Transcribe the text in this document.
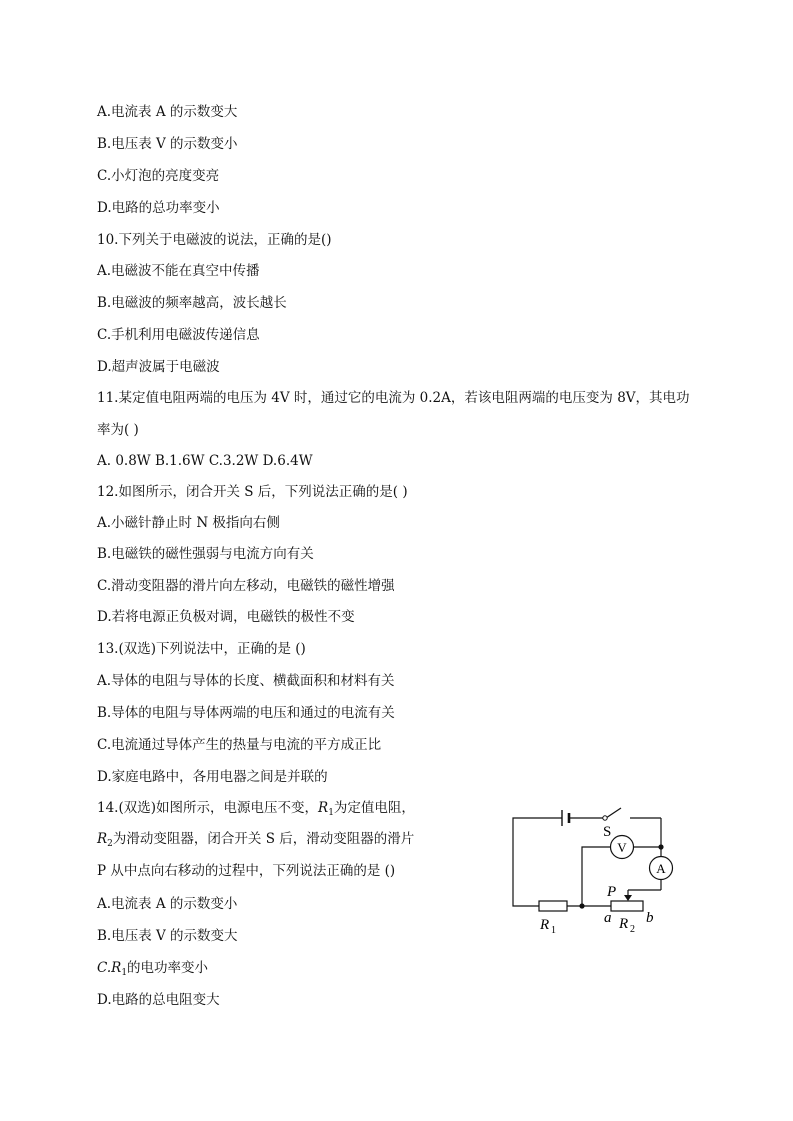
A.电流表 A 的示数变大
B.电压表 V 的示数变小
C.小灯泡的亮度变亮
D.电路的总功率变小
10.下列关于电磁波的说法，正确的是()
A.电磁波不能在真空中传播
B.电磁波的频率越高，波长越长
C.手机利用电磁波传递信息
D.超声波属于电磁波
11.某定值电阻两端的电压为 4V 时，通过它的电流为 0.2A，若该电阻两端的电压变为 8V，其电功
率为( )
A. 0.8W B.1.6W C.3.2W D.6.4W
12.如图所示，闭合开关 S 后，下列说法正确的是( )
A.小磁针静止时 N 极指向右侧
B.电磁铁的磁性强弱与电流方向有关
C.滑动变阻器的滑片向左移动，电磁铁的磁性增强
D.若将电源正负极对调，电磁铁的极性不变
13.(双选)下列说法中，正确的是 ()
A.导体的电阻与导体的长度、横截面积和材料有关
B.导体的电阻与导体两端的电压和通过的电流有关
C.电流通过导体产生的热量与电流的平方成正比
D.家庭电路中，各用电器之间是并联的
14.(双选)如图所示，电源电压不变，$R_1$为定值电阻，
$R_2$为滑动变阻器，闭合开关 S 后，滑动变阻器的滑片
P 从中点向右移动的过程中，下列说法正确的是 ()
A.电流表 A 的示数变小
B.电压表 V 的示数变大
$C.R_1$的电功率变小
D.电路的总电阻变大
V
A
S
P
R 1	R 2
a b
